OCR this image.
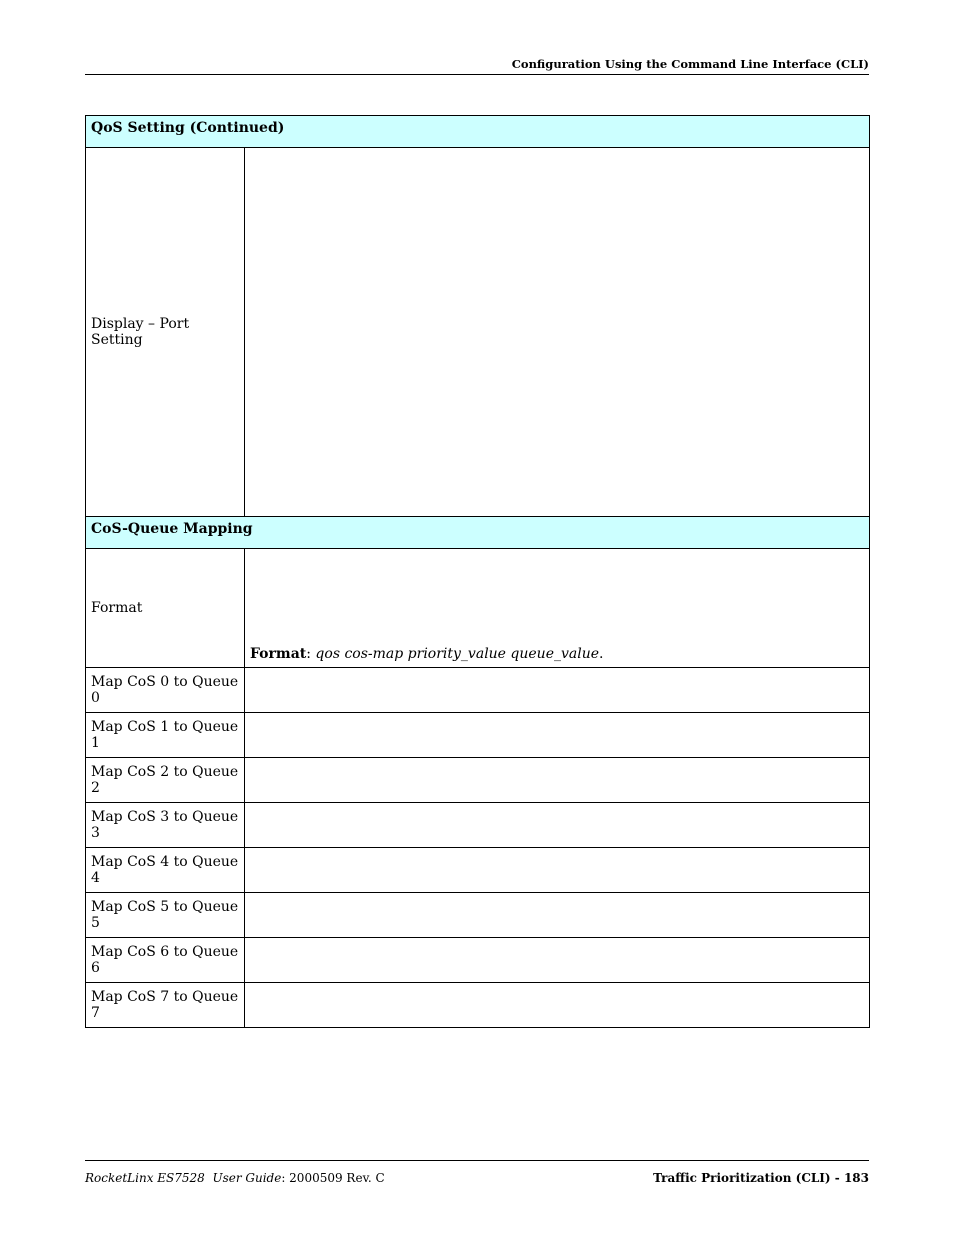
Configuration Using the Command Line Interface (CLI)
QoS Setting (Continued)	
Display – Port Setting	
CoS-Queue Mapping	
Format	Format: qos cos-map priority_value queue_value.
Map CoS 0 to Queue 0	
Map CoS 1 to Queue 1	
Map CoS 2 to Queue 2	
Map CoS 3 to Queue 3	
Map CoS 4 to Queue 4	
Map CoS 5 to Queue 5	
Map CoS 6 to Queue 6	
Map CoS 7 to Queue 7	
RocketLinx ES7528 User Guide: 2000509 Rev. C	Traffic Prioritization (CLI) - 183
